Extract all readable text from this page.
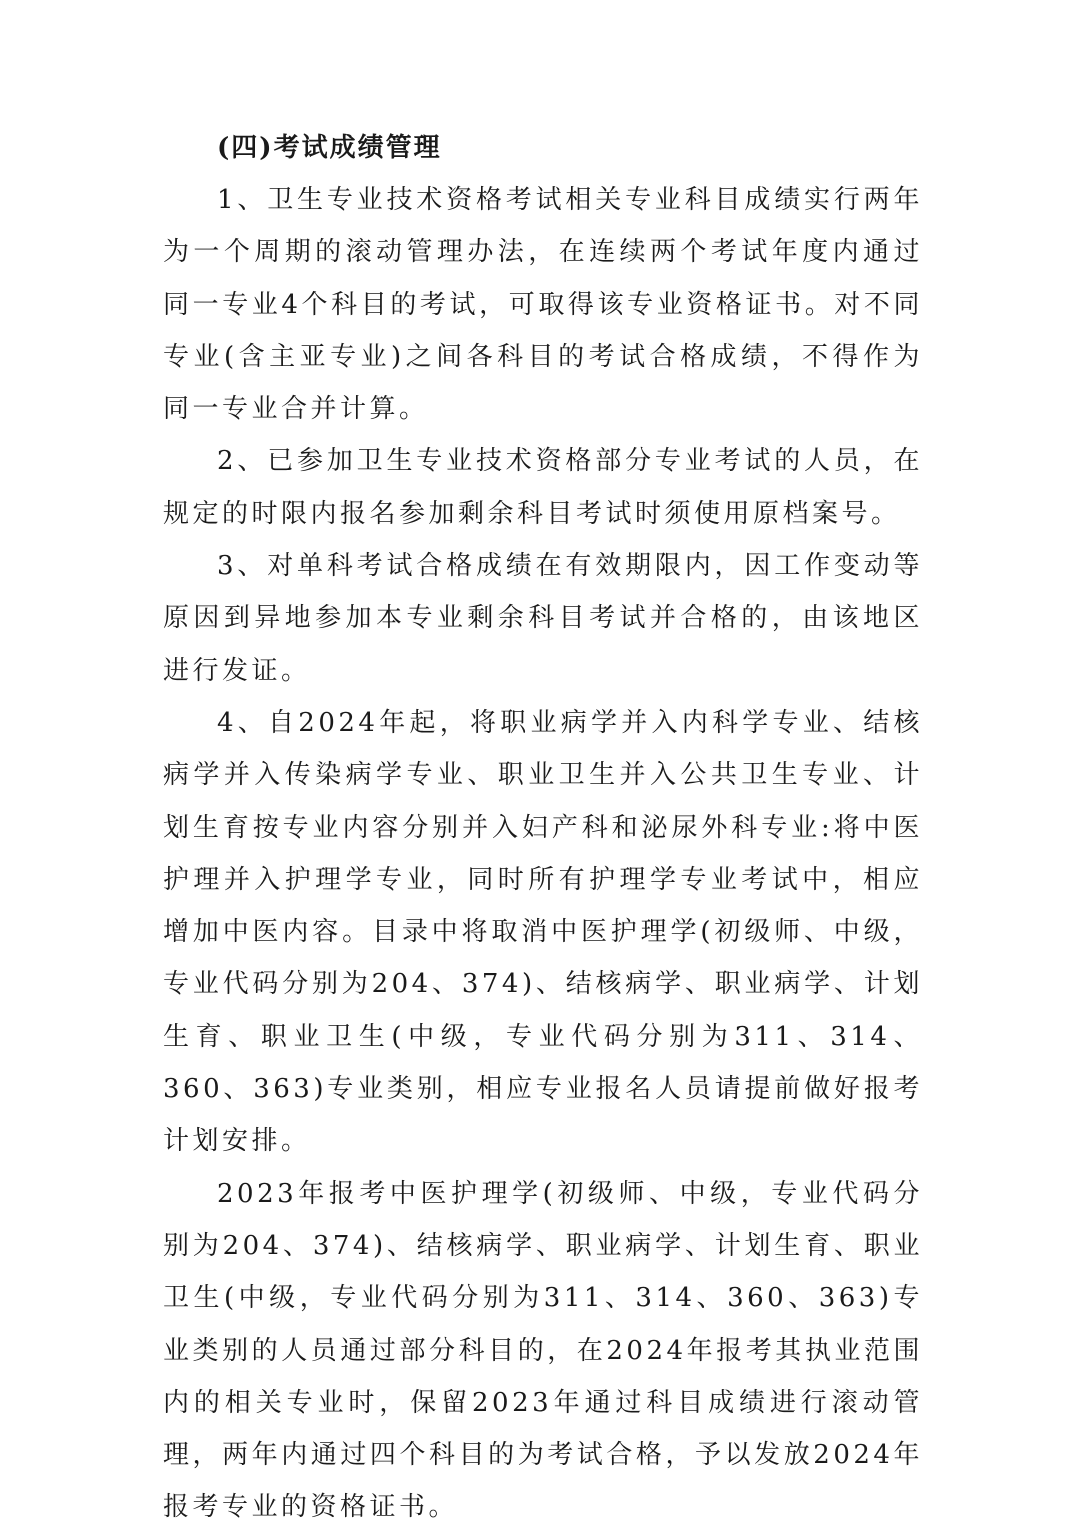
(四)考试成绩管理

1、卫生专业技术资格考试相关专业科目成绩实行两年为一个周期的滚动管理办法，在连续两个考试年度内通过同一专业4个科目的考试，可取得该专业资格证书。对不同专业(含主亚专业)之间各科目的考试合格成绩，不得作为同一专业合并计算。

2、已参加卫生专业技术资格部分专业考试的人员，在规定的时限内报名参加剩余科目考试时须使用原档案号。

3、对单科考试合格成绩在有效期限内，因工作变动等原因到异地参加本专业剩余科目考试并合格的，由该地区进行发证。

4、自2024年起，将职业病学并入内科学专业、结核病学并入传染病学专业、职业卫生并入公共卫生专业、计划生育按专业内容分别并入妇产科和泌尿外科专业:将中医护理并入护理学专业，同时所有护理学专业考试中，相应增加中医内容。目录中将取消中医护理学(初级师、中级，专业代码分别为204、374)、结核病学、职业病学、计划生育、职业卫生(中级，专业代码分别为311、314、360、363)专业类别，相应专业报名人员请提前做好报考计划安排。

2023年报考中医护理学(初级师、中级，专业代码分别为204、374)、结核病学、职业病学、计划生育、职业卫生(中级，专业代码分别为311、314、360、363)专业类别的人员通过部分科目的，在2024年报考其执业范围内的相关专业时，保留2023年通过科目成绩进行滚动管理，两年内通过四个科目的为考试合格，予以发放2024年报考专业的资格证书。
